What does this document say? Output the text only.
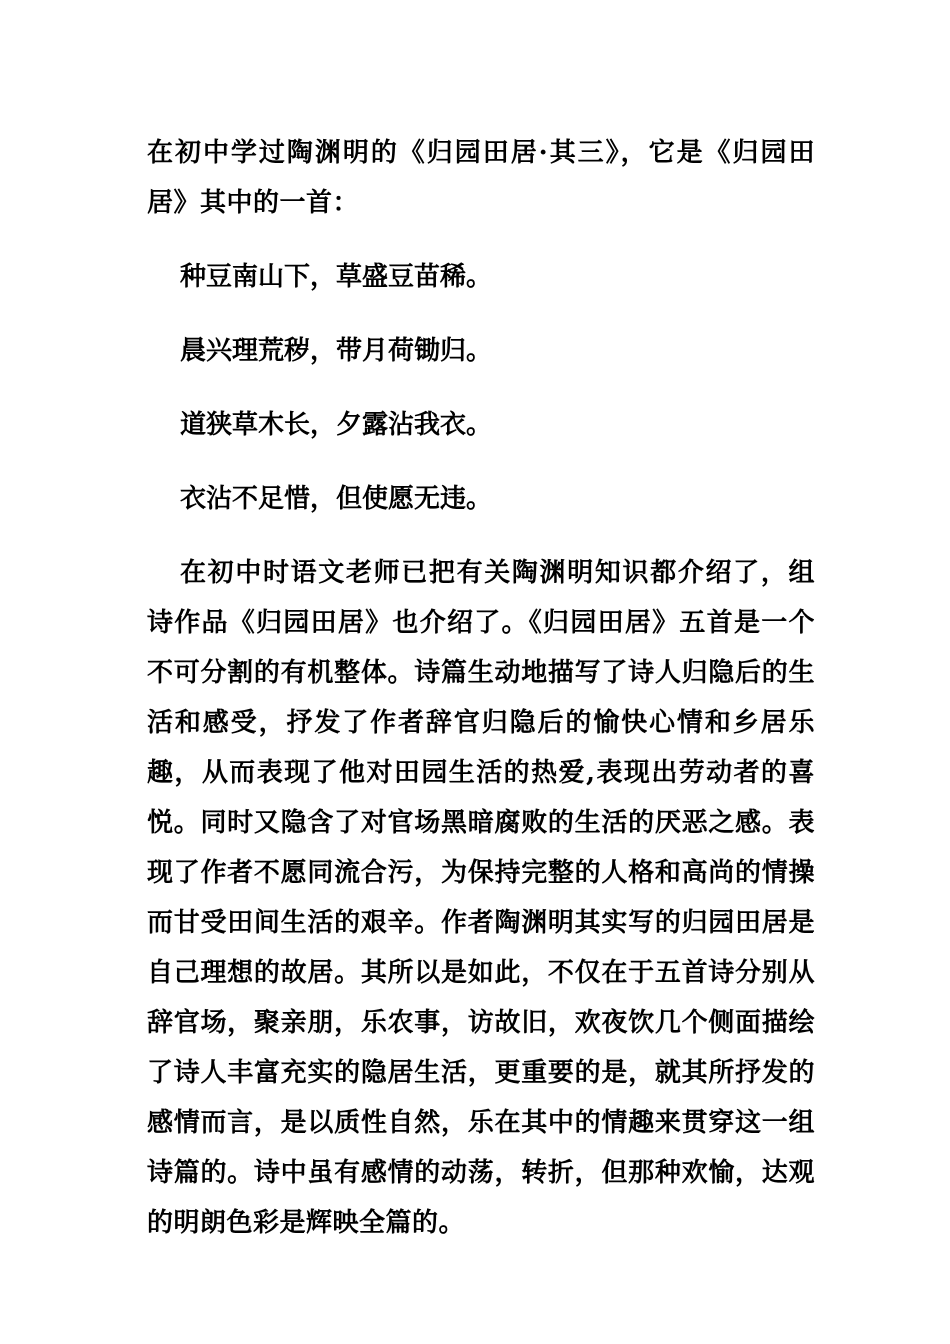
在初中学过陶渊明的《归园田居·其三》，它是《归园田居》其中的一首：

种豆南山下，草盛豆苗稀。
晨兴理荒秽，带月荷锄归。
道狭草木长，夕露沾我衣。
衣沾不足惜，但使愿无违。

在初中时语文老师已把有关陶渊明知识都介绍了，组诗作品《归园田居》也介绍了。《归园田居》五首是一个不可分割的有机整体。诗篇生动地描写了诗人归隐后的生活和感受，抒发了作者辞官归隐后的愉快心情和乡居乐趣，从而表现了他对田园生活的热爱,表现出劳动者的喜悦。同时又隐含了对官场黑暗腐败的生活的厌恶之感。表现了作者不愿同流合污，为保持完整的人格和高尚的情操而甘受田间生活的艰辛。作者陶渊明其实写的归园田居是自己理想的故居。其所以是如此，不仅在于五首诗分别从辞官场，聚亲朋，乐农事，访故旧，欢夜饮几个侧面描绘了诗人丰富充实的隐居生活，更重要的是，就其所抒发的感情而言，是以质性自然，乐在其中的情趣来贯穿这一组诗篇的。诗中虽有感情的动荡，转折，但那种欢愉，达观的明朗色彩是辉映全篇的。
